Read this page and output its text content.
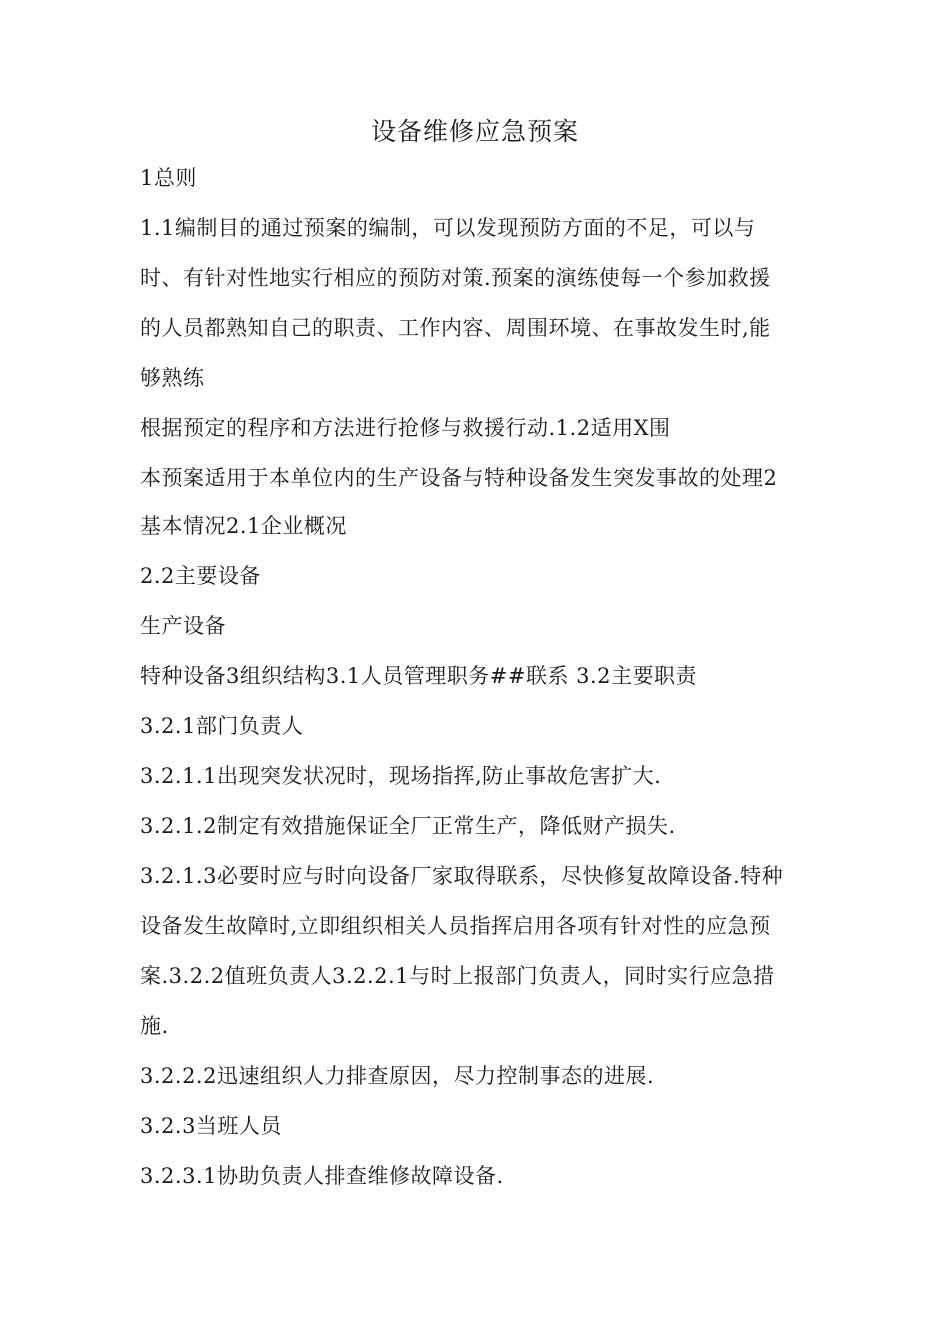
设备维修应急预案
1总则
1.1编制目的通过预案的编制，可以发现预防方面的不足，可以与
时、有针对性地实行相应的预防对策.预案的演练使每一个参加救援
的人员都熟知自己的职责、工作内容、周围环境、在事故发生时,能
够熟练
根据预定的程序和方法进行抢修与救援行动.1.2适用X围
本预案适用于本单位内的生产设备与特种设备发生突发事故的处理2
基本情况2.1企业概况
2.2主要设备
生产设备
特种设备3组织结构3.1人员管理职务##联系 3.2主要职责
3.2.1部门负责人
3.2.1.1出现突发状况时，现场指挥,防止事故危害扩大.
3.2.1.2制定有效措施保证全厂正常生产，降低财产损失.
3.2.1.3必要时应与时向设备厂家取得联系，尽快修复故障设备.特种
设备发生故障时,立即组织相关人员指挥启用各项有针对性的应急预
案.3.2.2值班负责人3.2.2.1与时上报部门负责人，同时实行应急措
施.
3.2.2.2迅速组织人力排查原因，尽力控制事态的进展.
3.2.3当班人员
3.2.3.1协助负责人排查维修故障设备.
